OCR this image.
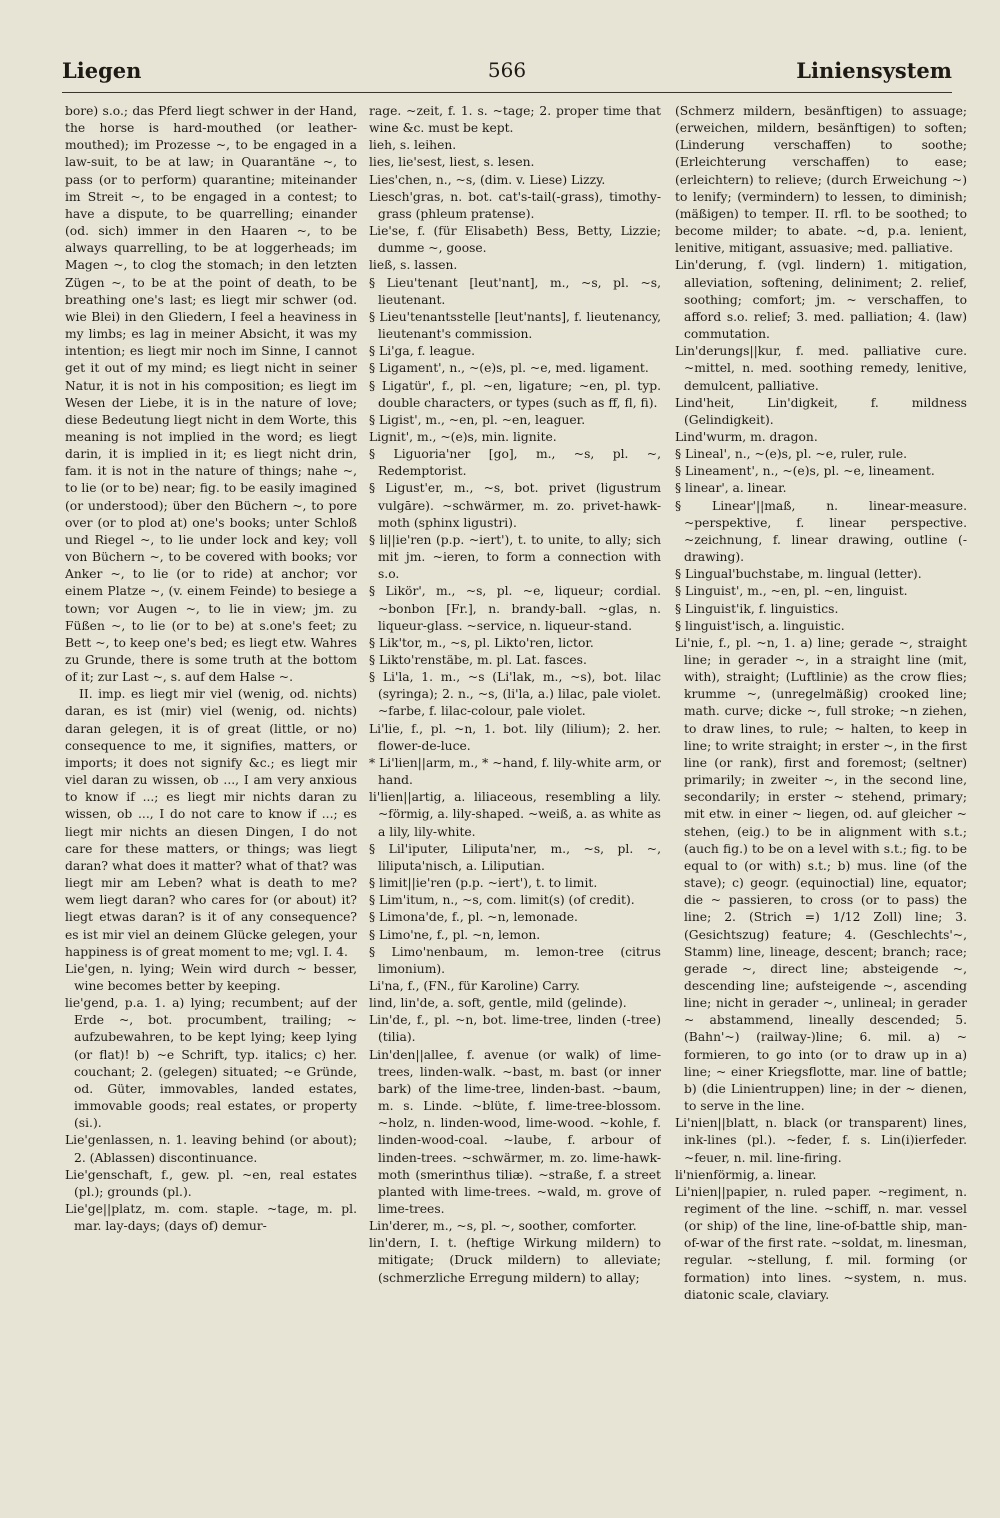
Liegen	566	Liniensystem

bore) s.o.; das Pferd liegt schwer in der Hand, the horse is hard-mouthed (or leather-mouthed); im Prozesse ~, to be engaged in a law-suit, to be at law; in Quarantäne ~, to pass (or to perform) quarantine; miteinander im Streit ~, to be engaged in a contest; to have a dispute, to be quarrelling; einander (od. sich) immer in den Haaren ~, to be always quarrelling, to be at loggerheads; im Magen ~, to clog the stomach; in den letzten Zügen ~, to be at the point of death, to be breathing one's last; es liegt mir schwer (od. wie Blei) in den Gliedern, I feel a heaviness in my limbs; es lag in meiner Absicht, it was my intention; es liegt mir noch im Sinne, I cannot get it out of my mind; es liegt nicht in seiner Natur, it is not in his composition; es liegt im Wesen der Liebe, it is in the nature of love; diese Bedeutung liegt nicht in dem Worte, this meaning is not implied in the word; es liegt darin, it is implied in it; es liegt nicht drin, fam. it is not in the nature of things; nahe ~, to lie (or to be) near; fig. to be easily imagined (or understood); über den Büchern ~, to pore over (or to plod at) one's books; unter Schloß und Riegel ~, to lie under lock and key; voll von Büchern ~, to be covered with books; vor Anker ~, to lie (or to ride) at anchor; vor einem Platze ~, (v. einem Feinde) to besiege a town; vor Augen ~, to lie in view; jm. zu Füßen ~, to lie (or to be) at s.one's feet; zu Bett ~, to keep one's bed; es liegt etw. Wahres zu Grunde, there is some truth at the bottom of it; zur Last ~, s. auf dem Halse ~.

II. imp. es liegt mir viel (wenig, od. nichts) daran, es ist (mir) viel (wenig, od. nichts) daran gelegen, it is of great (little, or no) consequence to me, it signifies, matters, or imports; it does not signify &c.; es liegt mir viel daran zu wissen, ob ..., I am very anxious to know if ...; es liegt mir nichts daran zu wissen, ob ..., I do not care to know if ...; es liegt mir nichts an diesen Dingen, I do not care for these matters, or things; was liegt daran? what does it matter? what of that? was liegt mir am Leben? what is death to me? wem liegt daran? who cares for (or about) it? liegt etwas daran? is it of any consequence? es ist mir viel an deinem Glücke gelegen, your happiness is of great moment to me; vgl. I. 4.

Lie'gen, n. lying; Wein wird durch ~ besser, wine becomes better by keeping.

lie'gend, p.a. 1. a) lying; recumbent; auf der Erde ~, bot. procumbent, trailing; ~ aufzubewahren, to be kept lying; keep lying (or flat)! b) ~e Schrift, typ. italics; c) her. couchant; 2. (gelegen) situated; ~e Gründe, od. Güter, immovables, landed estates, immovable goods; real estates, or property (si.).

Lie'genlassen, n. 1. leaving behind (or about); 2. (Ablassen) discontinuance.

Lie'genschaft, f., gew. pl. ~en, real estates (pl.); grounds (pl.).

Lie'ge||platz, m. com. staple. ~tage, m. pl. mar. lay-days; (days of) demur-

rage. ~zeit, f. 1. s. ~tage; 2. proper time that wine &c. must be kept.

lieh, s. leihen.

lies, lie'sest, liest, s. lesen.

Lies'chen, n., ~s, (dim. v. Liese) Lizzy.

Liesch'gras, n. bot. cat's-tail(-grass), timothy-grass (phleum pratense).

Lie'se, f. (für Elisabeth) Bess, Betty, Lizzie; dumme ~, goose.

ließ, s. lassen.

§ Lieu'tenant [leut'nant], m., ~s, pl. ~s, lieutenant.

§ Lieu'tenantsstelle [leut'nants], f. lieutenancy, lieutenant's commission.

§ Li'ga, f. league.

§ Ligament', n., ~(e)s, pl. ~e, med. ligament.

§ Ligatür', f., pl. ~en, ligature; ~en, pl. typ. double characters, or types (such as ff, fl, fi).

§ Ligist', m., ~en, pl. ~en, leaguer.

Lignit', m., ~(e)s, min. lignite.

§ Liguoria'ner [go], m., ~s, pl. ~, Redemptorist.

§ Ligust'er, m., ~s, bot. privet (ligustrum vulgāre). ~schwärmer, m. zo. privet-hawk-moth (sphinx ligustri).

§ li||ie'ren (p.p. ~iert'), t. to unite, to ally; sich mit jm. ~ieren, to form a connection with s.o.

§ Likör', m., ~s, pl. ~e, liqueur; cordial. ~bonbon [Fr.], n. brandy-ball. ~glas, n. liqueur-glass. ~service, n. liqueur-stand.

§ Lik'tor, m., ~s, pl. Likto'ren, lictor.

§ Likto'renstäbe, m. pl. Lat. fasces.

§ Li'la, 1. m., ~s (Li'lak, m., ~s), bot. lilac (syringa); 2. n., ~s, (li'la, a.) lilac, pale violet. ~farbe, f. lilac-colour, pale violet.

Li'lie, f., pl. ~n, 1. bot. lily (lilium); 2. her. flower-de-luce.

* Li'lien||arm, m., * ~hand, f. lily-white arm, or hand.

li'lien||artig, a. liliaceous, resembling a lily. ~förmig, a. lily-shaped. ~weiß, a. as white as a lily, lily-white.

§ Lil'iputer, Liliputa'ner, m., ~s, pl. ~, liliputa'nisch, a. Liliputian.

§ limit||ie'ren (p.p. ~iert'), t. to limit.

§ Lim'itum, n., ~s, com. limit(s) (of credit).

§ Limona'de, f., pl. ~n, lemonade.

§ Limo'ne, f., pl. ~n, lemon.

§ Limo'nenbaum, m. lemon-tree (citrus limonium).

Li'na, f., (FN., für Karoline) Carry.

lind, lin'de, a. soft, gentle, mild (gelinde).

Lin'de, f., pl. ~n, bot. lime-tree, linden (-tree) (tilia).

Lin'den||allee, f. avenue (or walk) of lime-trees, linden-walk. ~bast, m. bast (or inner bark) of the lime-tree, linden-bast. ~baum, m. s. Linde. ~blüte, f. lime-tree-blossom. ~holz, n. linden-wood, lime-wood. ~kohle, f. linden-wood-coal. ~laube, f. arbour of linden-trees. ~schwärmer, m. zo. lime-hawk-moth (smerinthus tiliæ). ~straße, f. a street planted with lime-trees. ~wald, m. grove of lime-trees.

Lin'derer, m., ~s, pl. ~, soother, comforter.

lin'dern, I. t. (heftige Wirkung mildern) to mitigate; (Druck mildern) to alleviate; (schmerzliche Erregung mildern) to allay;

(Schmerz mildern, besänftigen) to assuage; (erweichen, mildern, besänftigen) to soften; (Linderung verschaffen) to soothe; (Erleichterung verschaffen) to ease; (erleichtern) to relieve; (durch Erweichung ~) to lenify; (vermindern) to lessen, to diminish; (mäßigen) to temper. II. rfl. to be soothed; to become milder; to abate. ~d, p.a. lenient, lenitive, mitigant, assuasive; med. palliative.

Lin'derung, f. (vgl. lindern) 1. mitigation, alleviation, softening, deliniment; 2. relief, soothing; comfort; jm. ~ verschaffen, to afford s.o. relief; 3. med. palliation; 4. (law) commutation.

Lin'derungs||kur, f. med. palliative cure. ~mittel, n. med. soothing remedy, lenitive, demulcent, palliative.

Lind'heit, Lin'digkeit, f. mildness (Gelindigkeit).

Lind'wurm, m. dragon.

§ Lineal', n., ~(e)s, pl. ~e, ruler, rule.

§ Lineament', n., ~(e)s, pl. ~e, lineament.

§ linear', a. linear.

§ Linear'||maß, n. linear-measure. ~perspektive, f. linear perspective. ~zeichnung, f. linear drawing, outline (-drawing).

§ Lingual'buchstabe, m. lingual (letter).

§ Linguist', m., ~en, pl. ~en, linguist.

§ Linguist'ik, f. linguistics.

§ linguist'isch, a. linguistic.

Li'nie, f., pl. ~n, 1. a) line; gerade ~, straight line; in gerader ~, in a straight line (mit, with), straight; (Luftlinie) as the crow flies; krumme ~, (unregelmäßig) crooked line; math. curve; dicke ~, full stroke; ~n ziehen, to draw lines, to rule; ~ halten, to keep in line; to write straight; in erster ~, in the first line (or rank), first and foremost; (seltner) primarily; in zweiter ~, in the second line, secondarily; in erster ~ stehend, primary; mit etw. in einer ~ liegen, od. auf gleicher ~ stehen, (eig.) to be in alignment with s.t.; (auch fig.) to be on a level with s.t.; fig. to be equal to (or with) s.t.; b) mus. line (of the stave); c) geogr. (equinoctial) line, equator; die ~ passieren, to cross (or to pass) the line; 2. (Strich =) 1/12 Zoll) line; 3. (Gesichtszug) feature; 4. (Geschlechts'~, Stamm) line, lineage, descent; branch; race; gerade ~, direct line; absteigende ~, descending line; aufsteigende ~, ascending line; nicht in gerader ~, unlineal; in gerader ~ abstammend, lineally descended; 5. (Bahn'~) (railway-)line; 6. mil. a) ~ formieren, to go into (or to draw up in a) line; ~ einer Kriegsflotte, mar. line of battle; b) (die Linientruppen) line; in der ~ dienen, to serve in the line.

Li'nien||blatt, n. black (or transparent) lines, ink-lines (pl.). ~feder, f. s. Lin(i)ierfeder. ~feuer, n. mil. line-firing.

li'nienförmig, a. linear.

Li'nien||papier, n. ruled paper. ~regiment, n. regiment of the line. ~schiff, n. mar. vessel (or ship) of the line, line-of-battle ship, man-of-war of the first rate. ~soldat, m. linesman, regular. ~stellung, f. mil. forming (or formation) into lines. ~system, n. mus. diatonic scale, claviary.
